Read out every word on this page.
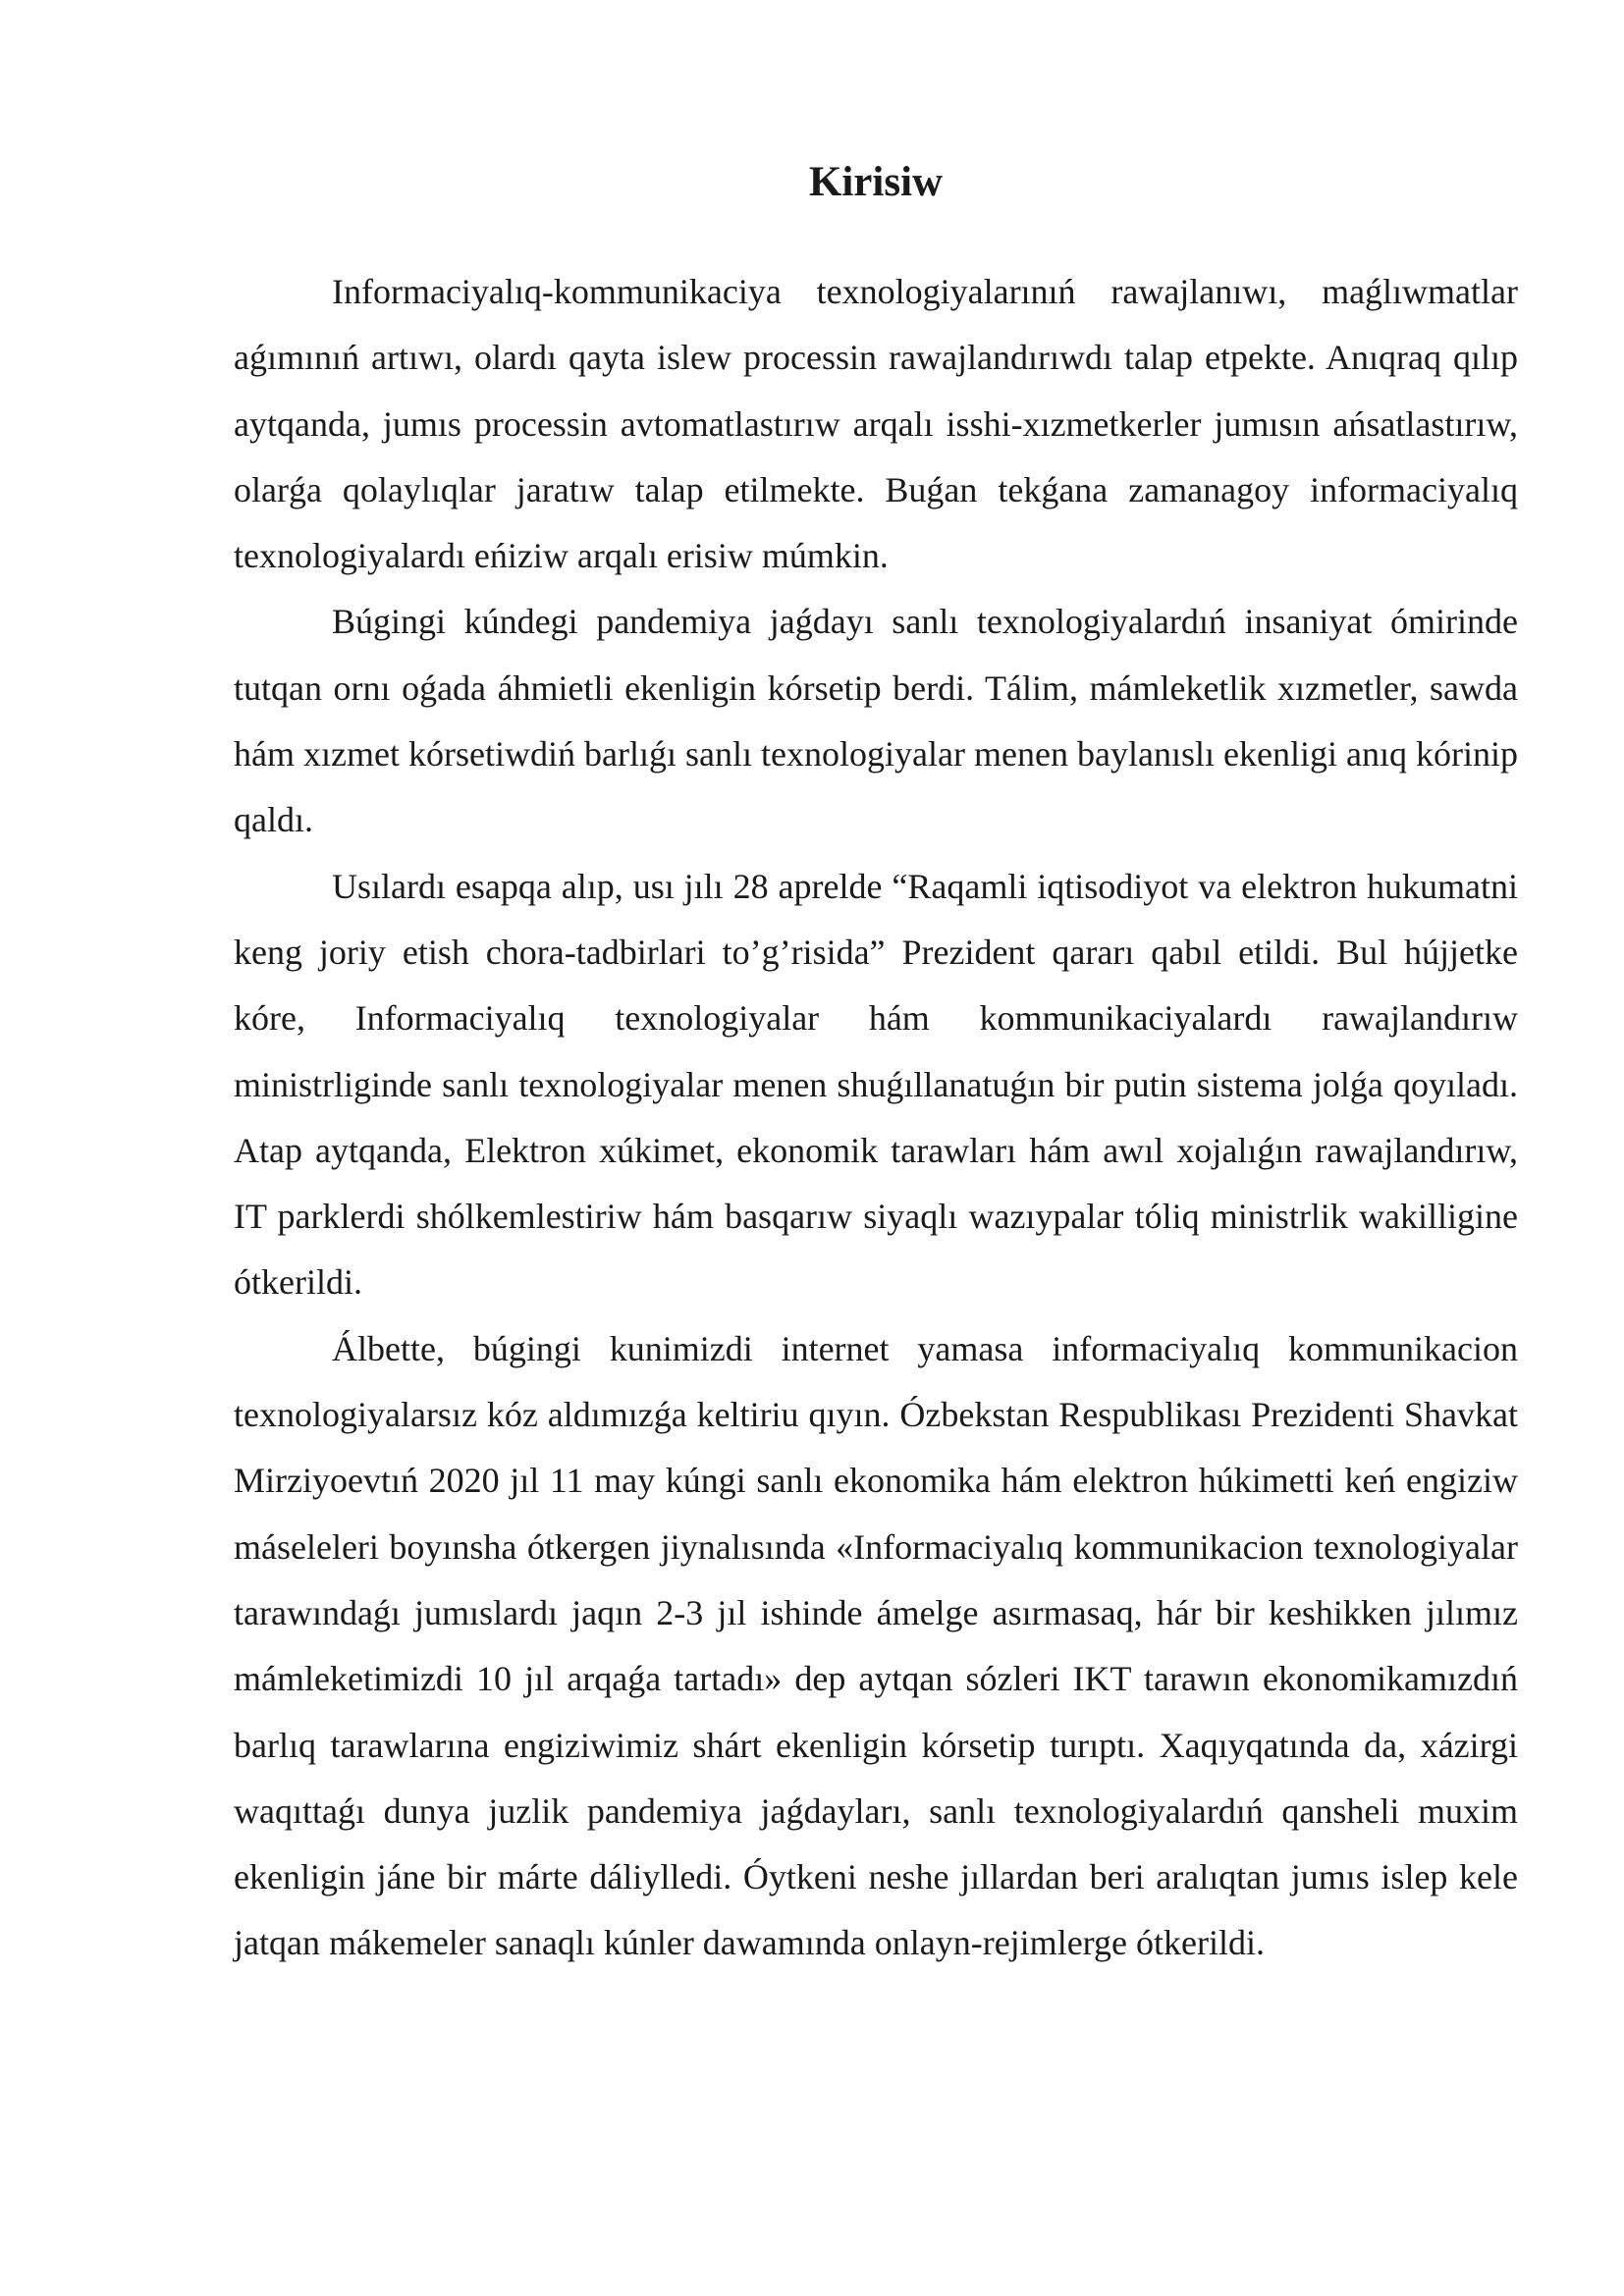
Kirisiw

Informaciyalıq-kommunikaciya texnologiyalarınıń rawajlanıwı, maǵlıwmatlar aǵımınıń artıwı, olardı qayta islew processin rawajlandırıwdı talap etpekte. Anıqraq qılıp aytqanda, jumıs processin avtomatlastırıw arqalı isshi-xızmetkerler jumısın ańsatlastırıw, olarǵa qolaylıqlar jaratıw talap etilmekte. Buǵan tekǵana zamanagoy informaciyalıq texnologiyalardı eńiziw arqalı erisiw múmkin.

Búgingi kúndegi pandemiya jaǵdayı sanlı texnologiyalardıń insaniyat ómirinde tutqan ornı oǵada áhmietli ekenligin kórsetip berdi. Tálim, mámleketlik xızmetler, sawda hám xızmet kórsetiwdiń barlıǵı sanlı texnologiyalar menen baylanıslı ekenligi anıq kórinip qaldı.

Usılardı esapqa alıp, usı jılı 28 aprelde “Raqamli iqtisodiyot va elektron hukumatni keng joriy etish chora-tadbirlari to’g’risida” Prezident qararı qabıl etildi. Bul hújjetke kóre, Informaciyalıq texnologiyalar hám kommunikaciyalardı rawajlandırıw ministrliginde sanlı texnologiyalar menen shuǵıllanatuǵın bir putin sistema jolǵa qoyıladı. Atap aytqanda, Elektron xúkimet, ekonomik tarawları hám awıl xojalıǵın rawajlandırıw, IT parklerdi shólkemlestiriw hám basqarıw siyaqlı wazıypalar tóliq ministrlik wakilligine ótkerildi.

Álbette, búgingi kunimizdi internet yamasa informaciyalıq kommunikacion texnologiyalarsız kóz aldımızǵa keltiriu qıyın. Ózbekstan Respublikası Prezidenti Shavkat Mirziyoevtıń 2020 jıl 11 may kúngi sanlı ekonomika hám elektron húkimetti keń engiziw máseleleri boyınsha ótkergen jiynalısında «Informaciyalıq kommunikacion texnologiyalar tarawındaǵı jumıslardı jaqın 2-3 jıl ishinde ámelge asırmasaq, hár bir keshikken jılımız mámleketimizdi 10 jıl arqaǵa tartadı» dep aytqan sózleri IKT tarawın ekonomikamızdıń barlıq tarawlarına engiziwimiz shárt ekenligin kórsetip turıptı. Xaqıyqatında da, xázirgi waqıttaǵı dunya juzlik pandemiya jaǵdayları, sanlı texnologiyalardıń qansheli muxim ekenligin jáne bir márte dáliylledi. Óytkeni neshe jıllardan beri aralıqtan jumıs islep kele jatqan mákemeler sanaqlı kúnler dawamında onlayn-rejimlerge ótkerildi.
